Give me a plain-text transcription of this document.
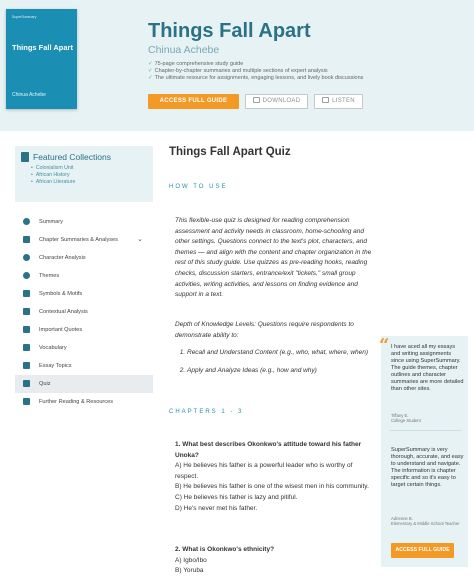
SuperSummary
Things Fall Apart
Chinua Achebe
Things Fall Apart
Chinua Achebe
✓ 75-page comprehensive study guide
✓ Chapter-by-chapter summaries and multiple sections of expert analysis
✓ The ultimate resource for assignments, engaging lessons, and lively book discussions
ACCESS FULL GUIDE	DOWNLOAD	LISTEN
Featured Collections
• Colonialism Unit
• African History
• African Literature
Summary
Chapter Summaries & Analyses	⌄
Character Analysis
Themes
Symbols & Motifs
Contextual Analysis
Important Quotes
Vocabulary
Essay Topics
Quiz
Further Reading & Resources
Things Fall Apart Quiz
HOW TO USE
This flexible-use quiz is designed for reading comprehension assessment and activity needs in classroom, home-schooling and other settings. Questions connect to the text's plot, characters, and themes — and align with the content and chapter organization in the rest of this study guide. Use quizzes as pre-reading hooks, reading checks, discussion starters, entrance/exit "tickets," small group activities, writing activities, and lessons on finding evidence and support in a text.
Depth of Knowledge Levels: Questions require respondents to demonstrate ability to:
1. Recall and Understand Content (e.g., who, what, where, when)
2. Apply and Analyze Ideas (e.g., how and why)
CHAPTERS 1 - 3
1. What best describes Okonkwo's attitude toward his father Unoka?
A) He believes his father is a powerful leader who is worthy of respect.
B) He believes his father is one of the wisest men in his community.
C) He believes his father is lazy and pitiful.
D) He's never met his father.
2. What is Okonkwo's ethnicity?
A) Igbo/Ibo
B) Yoruba
“ I have aced all my essays and writing assignments since using SuperSummary. The guide themes, chapter outlines and character summaries are more detailed than other sites.
Tiffany E.
College Student
SuperSummary is very thorough, accurate, and easy to understand and navigate. The information is chapter specific and so it's easy to target certain things.
Adrienne B.
Elementary & Middle School Teacher
ACCESS FULL GUIDE
